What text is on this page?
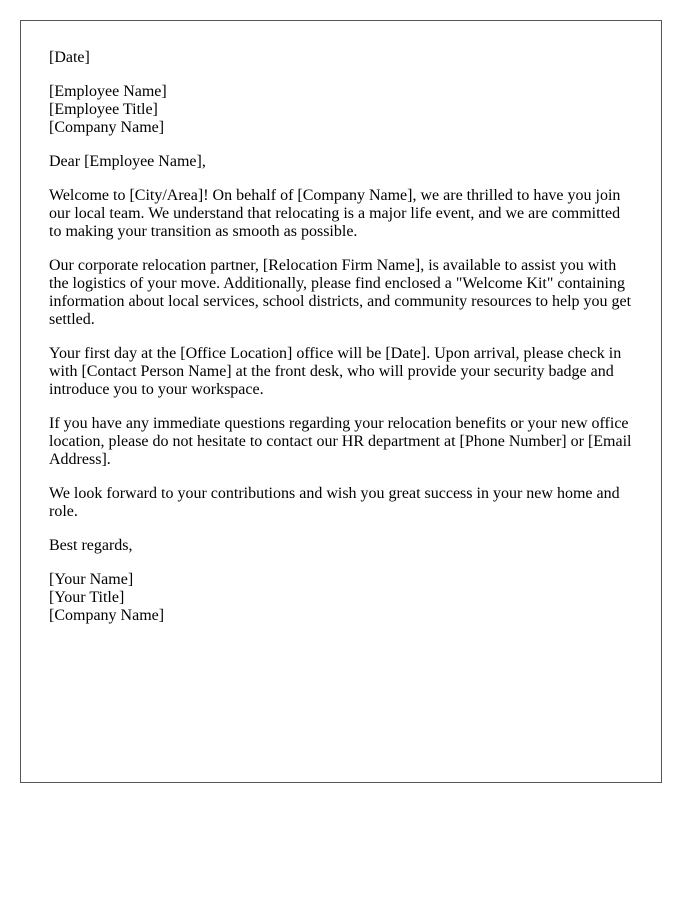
[Date]

[Employee Name]
[Employee Title]
[Company Name]

Dear [Employee Name],

Welcome to [City/Area]! On behalf of [Company Name], we are thrilled to have you join our local team. We understand that relocating is a major life event, and we are committed to making your transition as smooth as possible.

Our corporate relocation partner, [Relocation Firm Name], is available to assist you with the logistics of your move. Additionally, please find enclosed a "Welcome Kit" containing information about local services, school districts, and community resources to help you get settled.

Your first day at the [Office Location] office will be [Date]. Upon arrival, please check in with [Contact Person Name] at the front desk, who will provide your security badge and introduce you to your workspace.

If you have any immediate questions regarding your relocation benefits or your new office location, please do not hesitate to contact our HR department at [Phone Number] or [Email Address].

We look forward to your contributions and wish you great success in your new home and role.

Best regards,

[Your Name]
[Your Title]
[Company Name]
